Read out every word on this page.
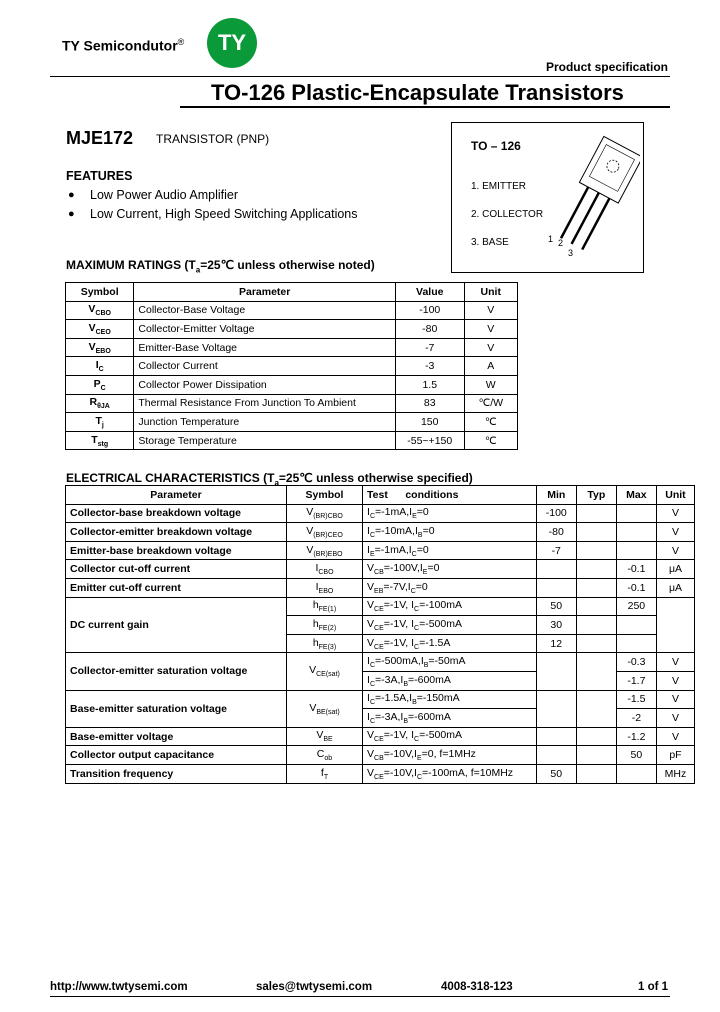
TY Semicondutor®	TY
Product specification
TO-126 Plastic-Encapsulate Transistors
MJE172 TRANSISTOR (PNP)
FEATURES
● Low Power Audio Amplifier
● Low Current, High Speed Switching Applications
TO – 126
1. EMITTER
2. COLLECTOR
3. BASE	1 2
3
MAXIMUM RATINGS ($T_a=25℃$ unless otherwise noted)
Symbol	Parameter	Value	Unit
$V_{CBO}$	Collector-Base Voltage	-100	V
$V_{CEO}$	Collector-Emitter Voltage	-80	V
$V_{EBO}$	Emitter-Base Voltage	-7	V
$I_C$	Collector Current	-3	A
$P_C$	Collector Power Dissipation	1.5	W
$R_{\theta JA}$	Thermal Resistance From Junction To Ambient	83	℃/W
$T_j$	Junction Temperature	150	℃
$T_{stg}$	Storage Temperature	-55~+150	℃
ELECTRICAL CHARACTERISTICS ($T_a=25℃$ unless otherwise specified)
Parameter	Symbol	Test      conditions	Min	Typ	Max	Unit
Collector-base breakdown voltage	$V_{(BR)CBO}$	$I_C=-1mA,I_E=0$	-100			V
Collector-emitter breakdown voltage	$V_{(BR)CEO}$	$I_C=-10mA,I_B=0$	-80			V
Emitter-base breakdown voltage	$V_{(BR)EBO}$	$I_E=-1mA,I_C=0$	-7			V
Collector cut-off current	$I_{CBO}$	$V_{CB}=-100V,I_E=0$			-0.1	μA
Emitter cut-off current	$I_{EBO}$	$V_{EB}=-7V,I_C=0$			-0.1	μA
DC current gain	$h_{FE(1)}$	$V_{CE}=-1V$, $I_C=-100mA$	50		250	
	$h_{FE(2)}$	$V_{CE}=-1V$, $I_C=-500mA$	30			
	$h_{FE(3)}$	$V_{CE}=-1V$, $I_C=-1.5A$	12			
Collector-emitter saturation voltage	$V_{CE(sat)}$	$I_C=-500mA,I_B=-50mA$			-0.3	V
		$I_C=-3A,I_B=-600mA$			-1.7	V
Base-emitter saturation voltage	$V_{BE(sat)}$	$I_C=-1.5A,I_B=-150mA$			-1.5	V
		$I_C=-3A,I_B=-600mA$			-2	V
Base-emitter voltage	$V_{BE}$	$V_{CE}=-1V$, $I_C=-500mA$			-1.2	V
Collector output capacitance	$C_{ob}$	$V_{CB}=-10V,I_E=0$, f=1MHz			50	pF
Transition frequency	$f_T$	$V_{CE}=-10V,I_C=-100mA$, f=10MHz	50			MHz
http://www.twtysemi.com	sales@twtysemi.com	4008-318-123	1 of 1
